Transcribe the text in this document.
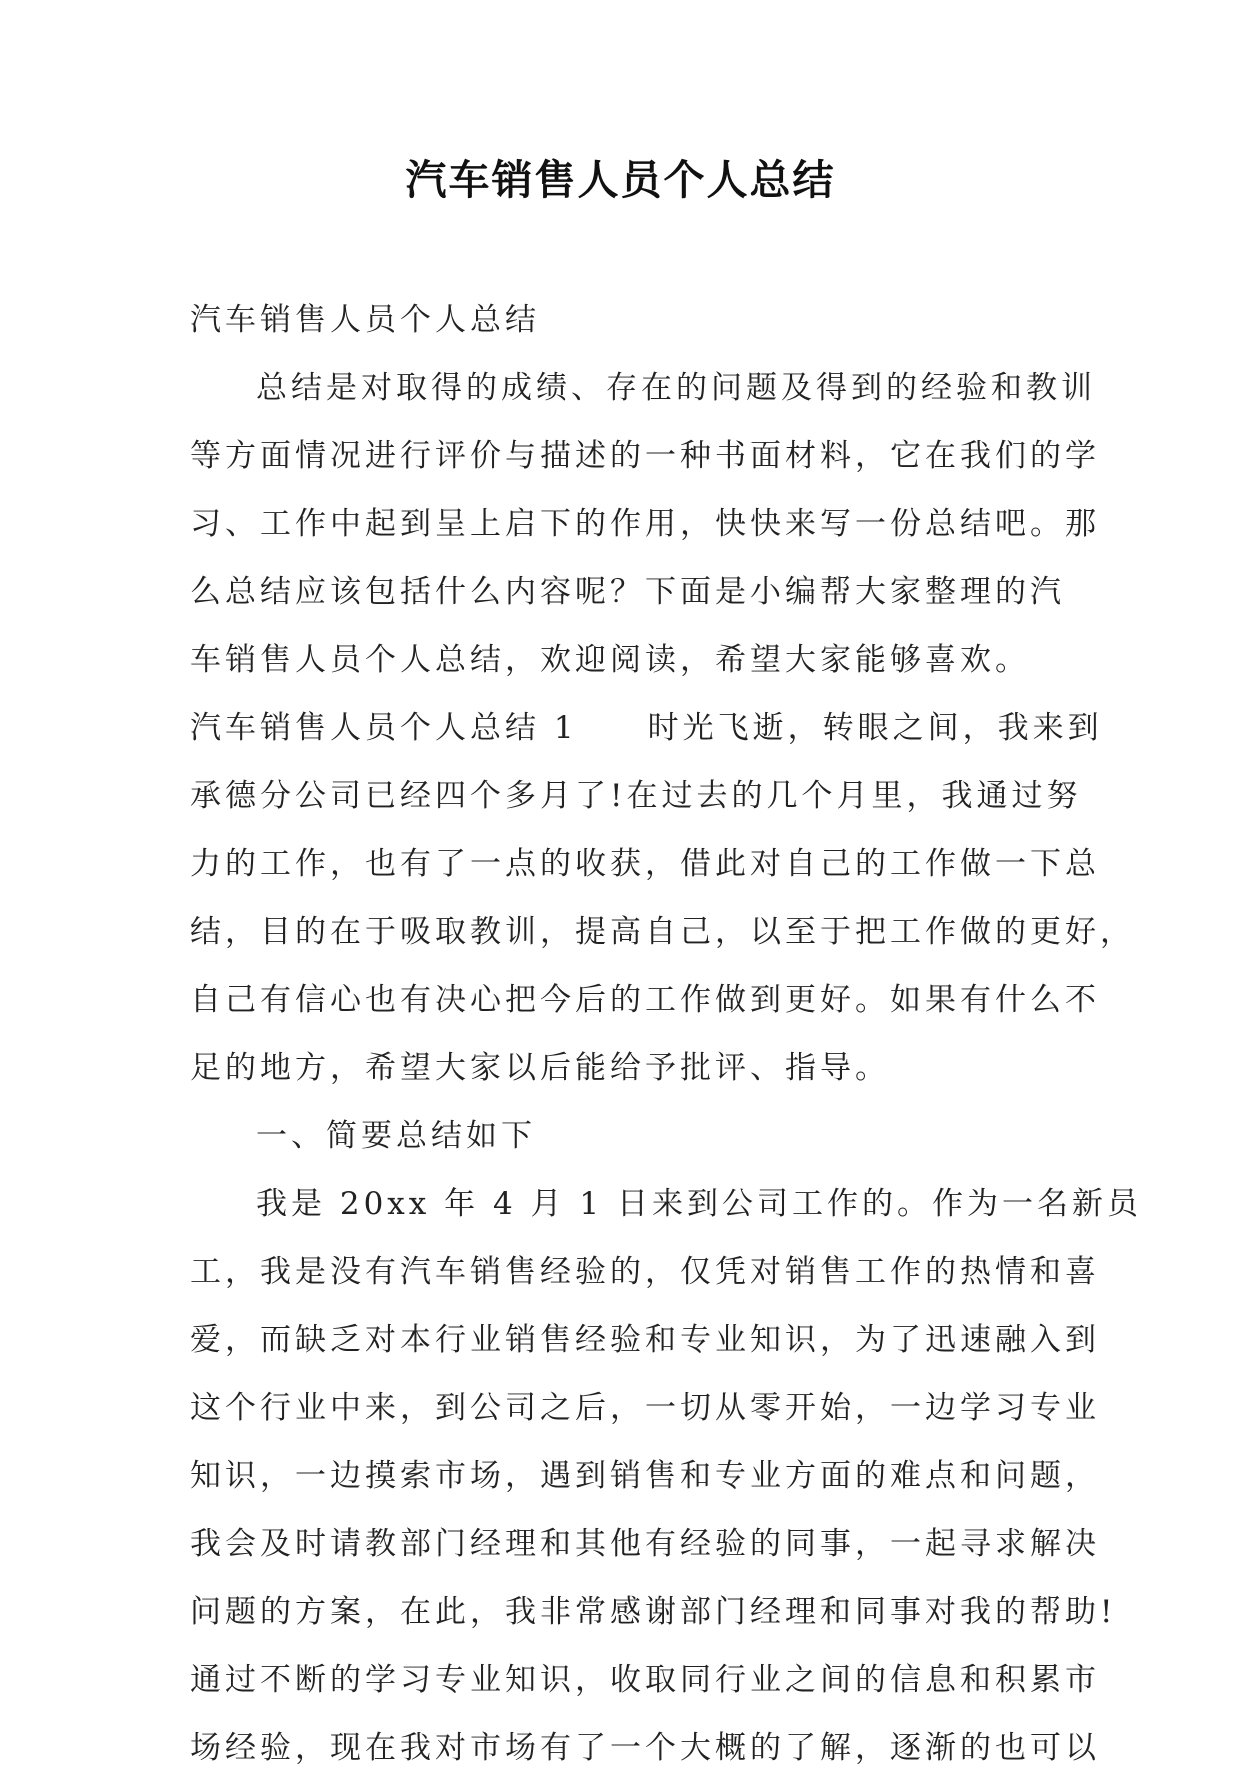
汽车销售人员个人总结
汽车销售人员个人总结
总结是对取得的成绩、存在的问题及得到的经验和教训
等方面情况进行评价与描述的一种书面材料，它在我们的学
习、工作中起到呈上启下的作用，快快来写一份总结吧。那
么总结应该包括什么内容呢？下面是小编帮大家整理的汽
车销售人员个人总结，欢迎阅读，希望大家能够喜欢。
汽车销售人员个人总结 1 时光飞逝，转眼之间，我来到
承德分公司已经四个多月了!在过去的几个月里，我通过努
力的工作，也有了一点的收获，借此对自己的工作做一下总
结，目的在于吸取教训，提高自己，以至于把工作做的更好，
自己有信心也有决心把今后的工作做到更好。如果有什么不
足的地方，希望大家以后能给予批评、指导。
一、简要总结如下
我是 20xx 年 4 月 1 日来到公司工作的。作为一名新员
工，我是没有汽车销售经验的，仅凭对销售工作的热情和喜
爱，而缺乏对本行业销售经验和专业知识，为了迅速融入到
这个行业中来，到公司之后，一切从零开始，一边学习专业
知识，一边摸索市场，遇到销售和专业方面的难点和问题，
我会及时请教部门经理和其他有经验的同事，一起寻求解决
问题的方案，在此，我非常感谢部门经理和同事对我的帮助!
通过不断的学习专业知识，收取同行业之间的信息和积累市
场经验，现在我对市场有了一个大概的了解，逐渐的也可以
